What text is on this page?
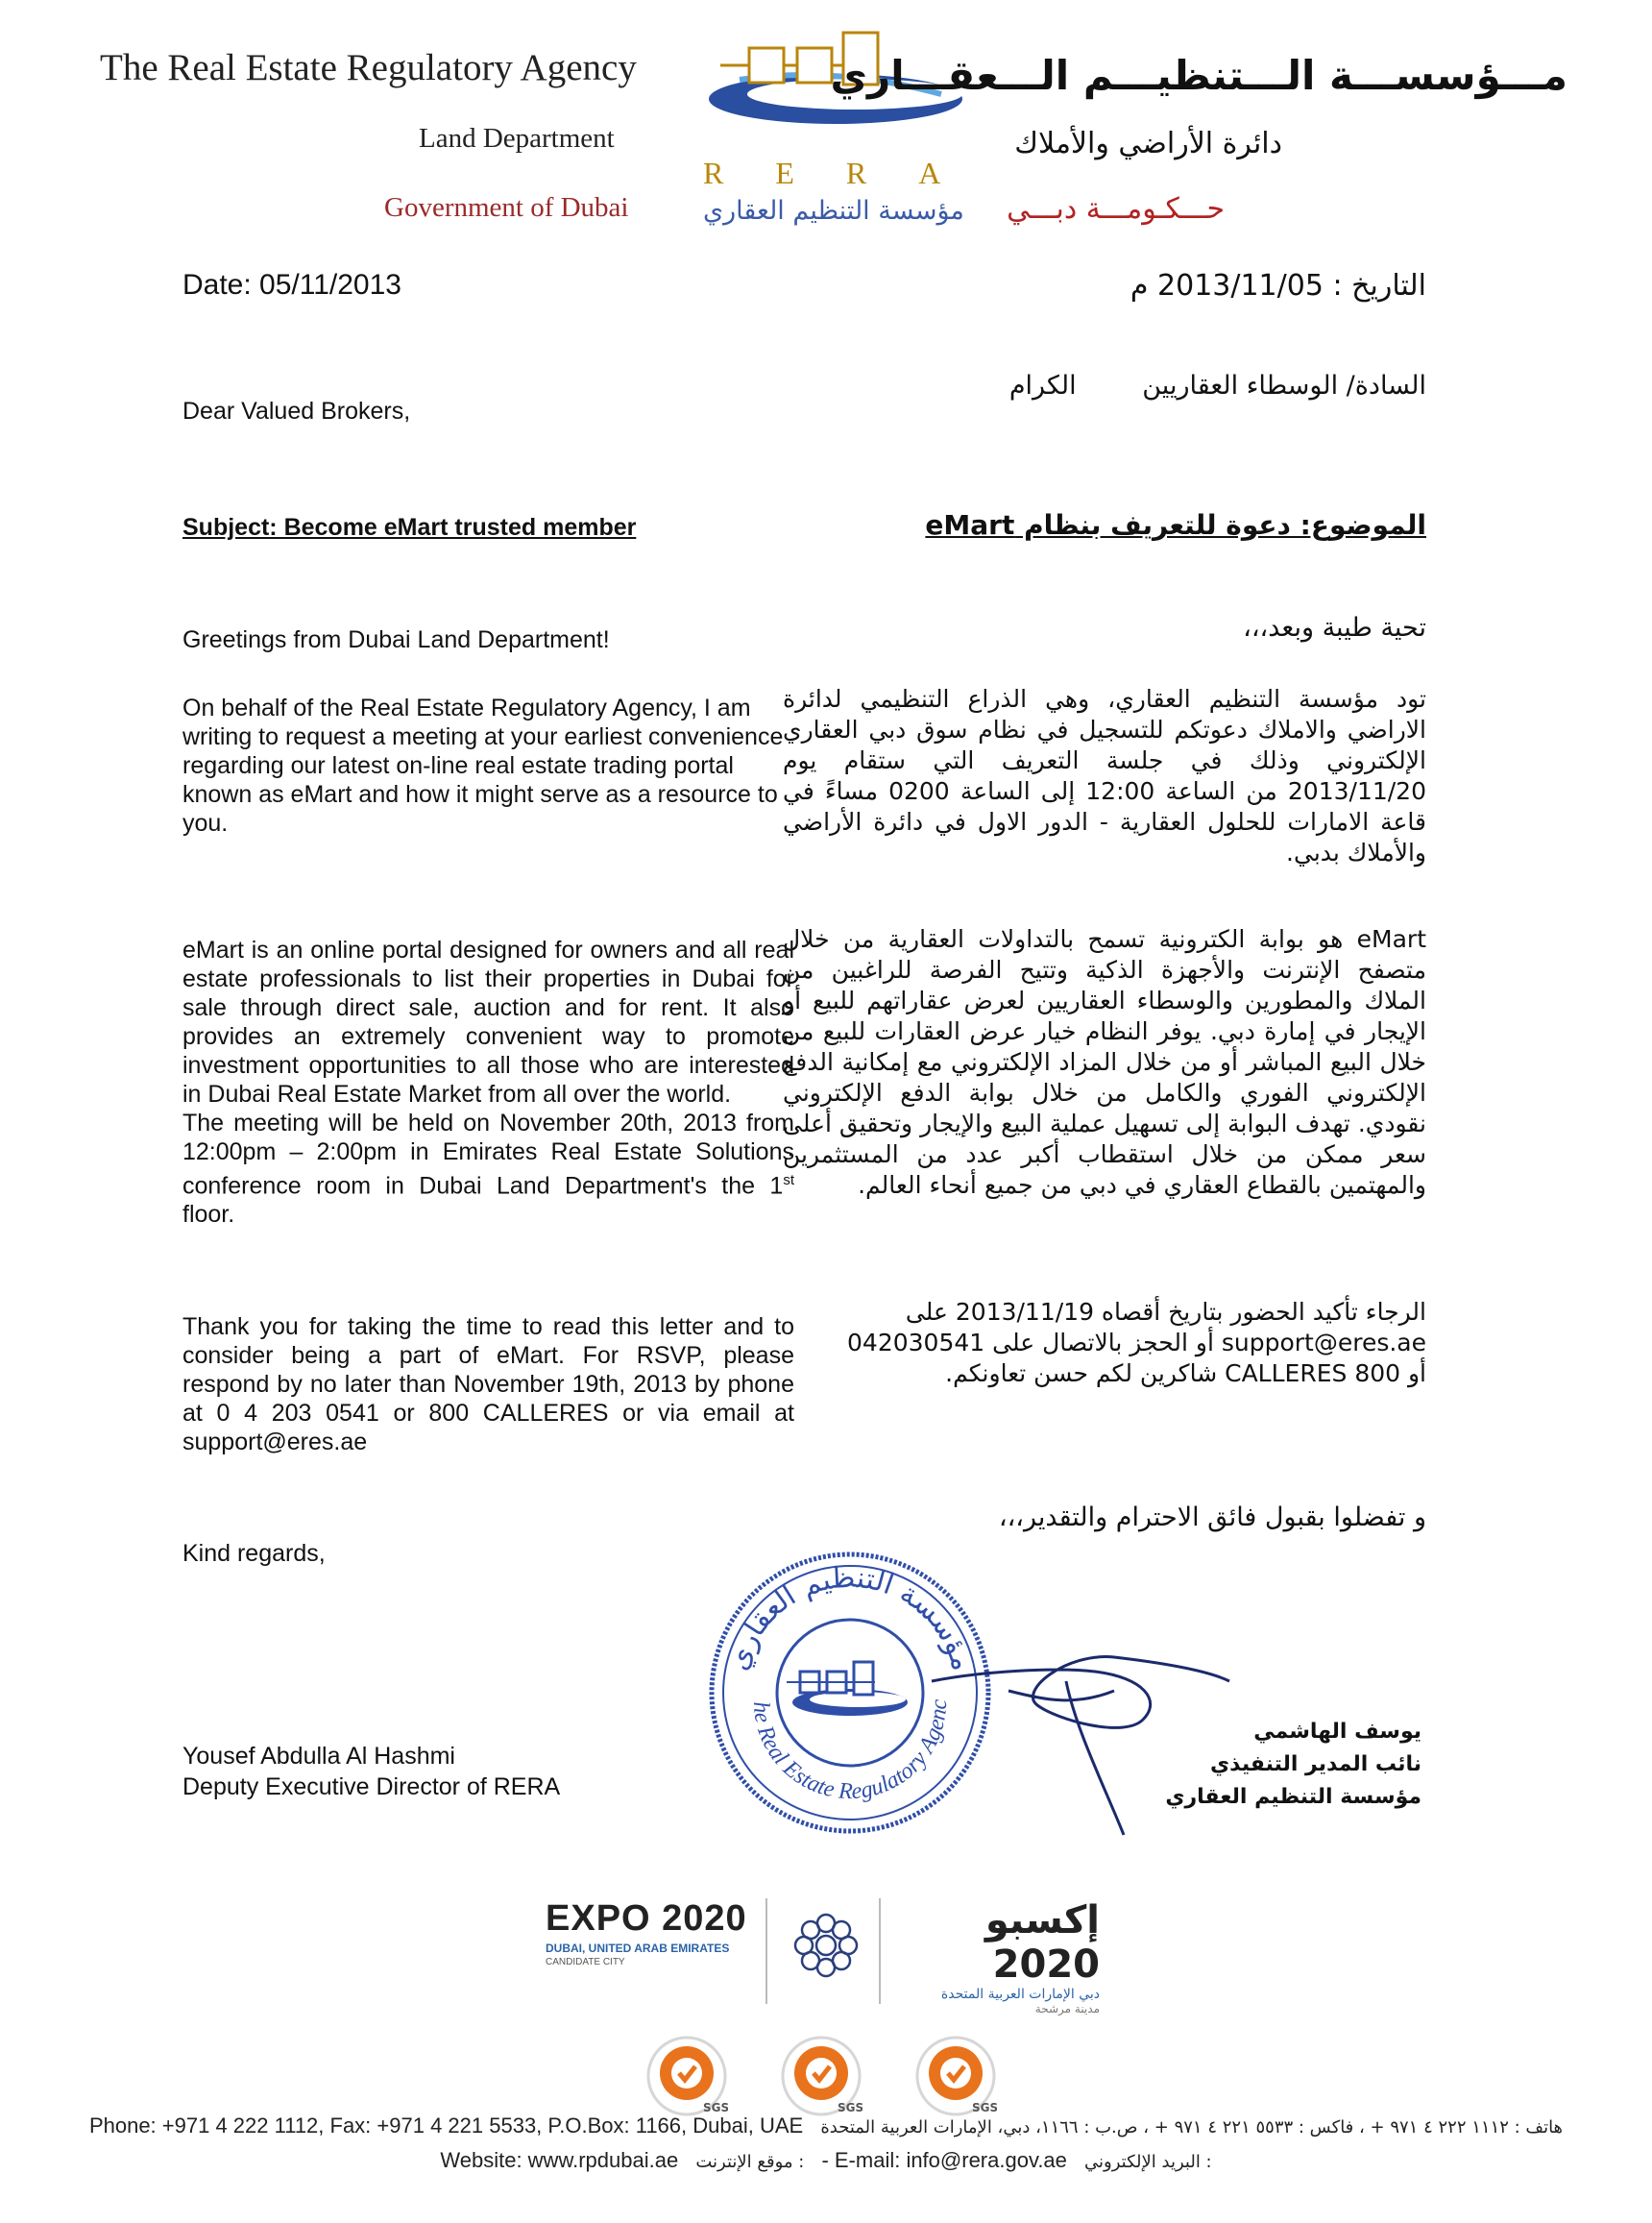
The Real Estate Regulatory Agency
Land Department
Government of Dubai
RERA
مؤسسة التنظيم العقاري
مـــؤسســـة الـــتنظيـــم الـــعقـــاري
دائرة الأراضي والأملاك
حـــكـومـــة دبـــي
Date: 05/11/2013	التاريخ : 2013/11/05 م
Dear Valued Brokers,
السادة/ الوسطاء العقاريين        الكرام
Subject: Become eMart trusted member	الموضوع: دعوة للتعريف بنظام eMart
Greetings from Dubai Land Department!	تحية طيبة وبعد،،،
On behalf of the Real Estate Regulatory Agency, I am writing to request a meeting at your earliest convenience regarding our latest on-line real estate trading portal known as eMart and how it might serve as a resource to you.
eMart is an online portal designed for owners and all real estate professionals to list their properties in Dubai for sale through direct sale, auction and for rent. It also provides an extremely convenient way to promote investment opportunities to all those who are interested in Dubai Real Estate Market from all over the world.
The meeting will be held on November 20th, 2013 from 12:00pm – 2:00pm in Emirates Real Estate Solutions conference room in Dubai Land Department's the 1st floor.
Thank you for taking the time to read this letter and to consider being a part of eMart. For RSVP, please respond by no later than November 19th, 2013 by phone at 0 4 203 0541 or 800 CALLERES or via email at support@eres.ae
تود مؤسسة التنظيم العقاري، وهي الذراع التنظيمي لدائرة الاراضي والاملاك دعوتكم للتسجيل في نظام سوق دبي العقاري الإلكتروني وذلك في جلسة التعريف التي ستقام يوم 2013/11/20 من الساعة 12:00 إلى الساعة 0200 مساءً في قاعة الامارات للحلول العقارية - الدور الاول في دائرة الأراضي والأملاك بدبي.
eMart هو بوابة الكترونية تسمح بالتداولات العقارية من خلال متصفح الإنترنت والأجهزة الذكية وتتيح الفرصة للراغبين من الملاك والمطورين والوسطاء العقاريين لعرض عقاراتهم للبيع أو الإيجار في إمارة دبي. يوفر النظام خيار عرض العقارات للبيع من خلال البيع المباشر أو من خلال المزاد الإلكتروني مع إمكانية الدفع الإلكتروني الفوري والكامل من خلال بوابة الدفع الإلكتروني نقودي. تهدف البوابة إلى تسهيل عملية البيع والإيجار وتحقيق أعلى سعر ممكن من خلال استقطاب أكبر عدد من المستثمرين والمهتمين بالقطاع العقاري في دبي من جميع أنحاء العالم.
الرجاء تأكيد الحضور بتاريخ أقصاه 2013/11/19 على support@eres.ae أو الحجز بالاتصال على 042030541 أو 800 CALLERES شاكرين لكم حسن تعاونكم.
و تفضلوا بقبول فائق الاحترام والتقدير،،،
Kind regards,
مؤسسة التنظيم العقاري
he Real Estate Regulatory Agenc
Yousef Abdulla Al Hashmi
Deputy Executive Director of RERA
يوسف الهاشمي
نائب المدير التنفيذي
مؤسسة التنظيم العقاري
EXPO 2020
DUBAI, UNITED ARAB EMIRATES
CANDIDATE CITY
إكسبو 2020
دبي الإمارات العربية المتحدة
مدينة مرشحة
SGS	SGS	SGS
Phone: +971 4 222 1112, Fax: +971 4 221 5533, P.O.Box: 1166, Dubai, UAE هاتف : ١١١٢ ٢٢٢ ٤ ٩٧١ + ، فاكس : ٥٥٣٣ ٢٢١ ٤ ٩٧١ + ، ص.ب : ١١٦٦، دبي، الإمارات العربية المتحدة
Website: www.rpdubai.ae : موقع الإنترنت - E-mail: info@rera.gov.ae : البريد الإلكتروني
